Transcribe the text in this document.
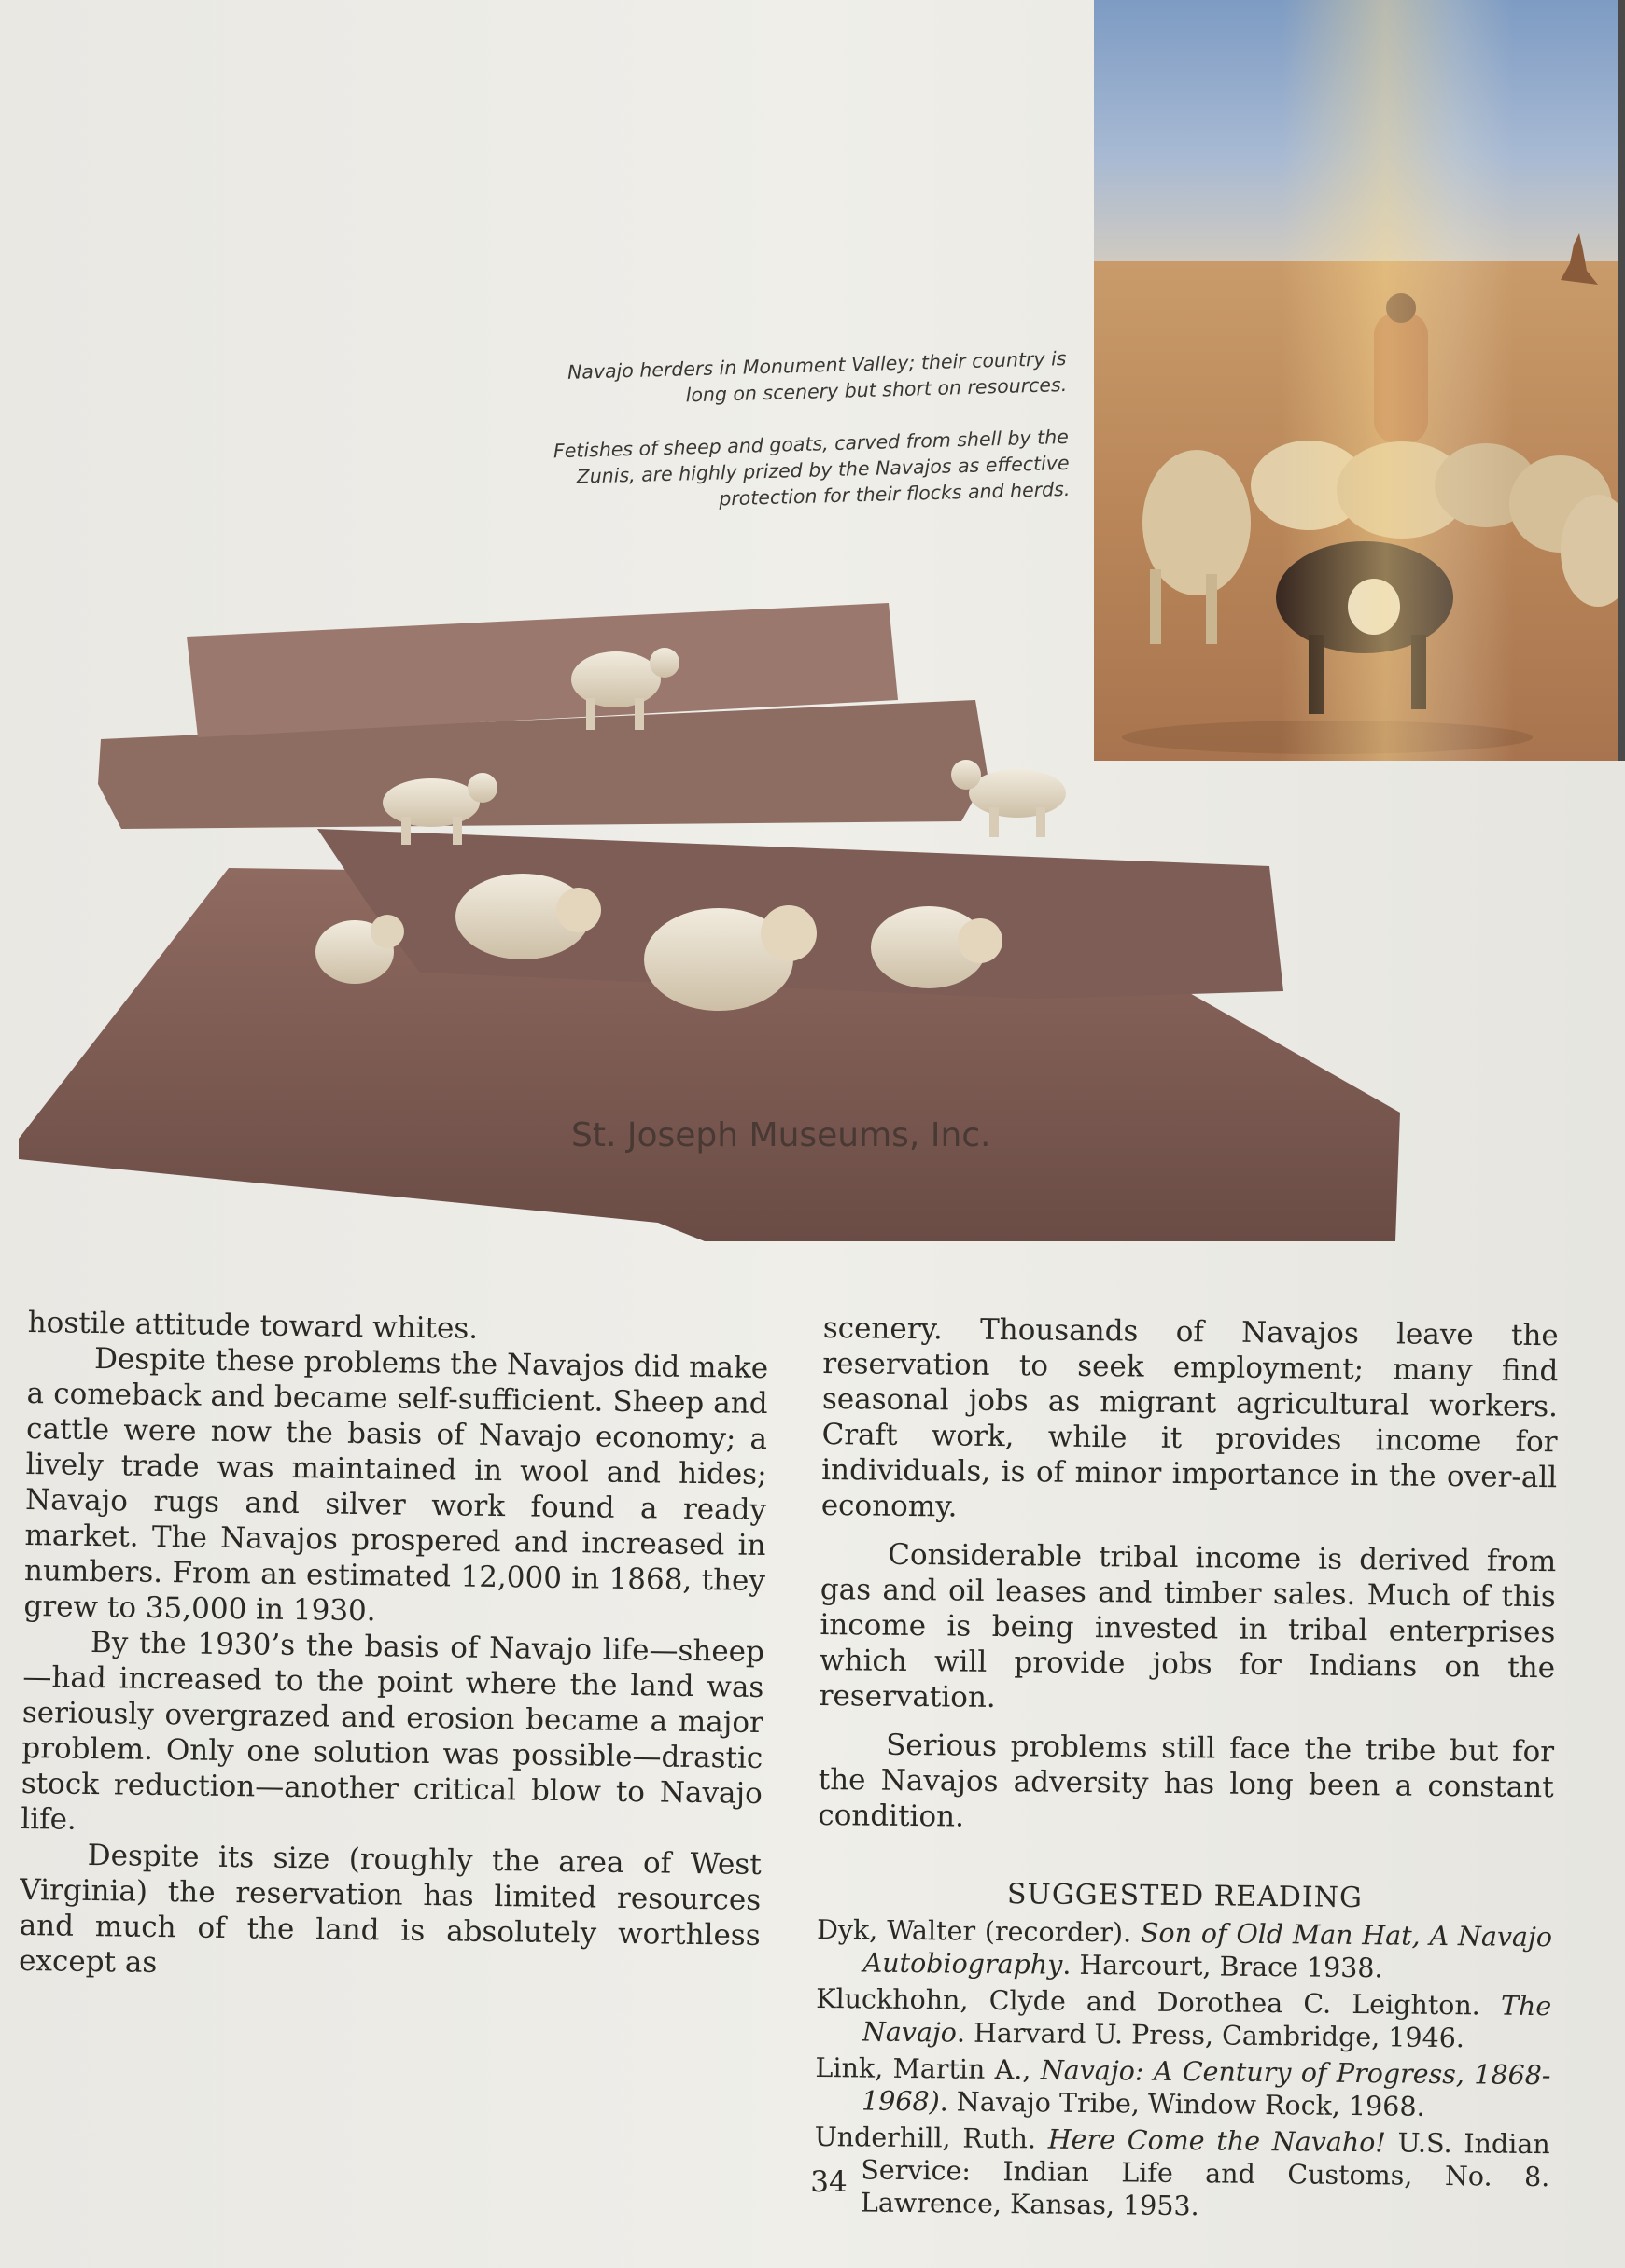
St. Joseph Museums, Inc.

Navajo herders in Monument Valley; their country is long on scenery but short on resources.

Fetishes of sheep and goats, carved from shell by the Zunis, are highly prized by the Navajos as effective protection for their flocks and herds.

hostile attitude toward whites.

Despite these problems the Navajos did make a comeback and became self-sufficient. Sheep and cattle were now the basis of Navajo economy; a lively trade was maintained in wool and hides; Navajo rugs and silver work found a ready market. The Navajos prospered and increased in numbers. From an estimated 12,000 in 1868, they grew to 35,000 in 1930.

By the 1930’s the basis of Navajo life—sheep—had increased to the point where the land was seriously overgrazed and erosion became a major problem. Only one solution was possible—drastic stock reduction—another critical blow to Navajo life.

Despite its size (roughly the area of West Virginia) the reservation has limited resources and much of the land is absolutely worthless except as

scenery. Thousands of Navajos leave the reservation to seek employment; many find seasonal jobs as migrant agricultural workers. Craft work, while it provides income for individuals, is of minor importance in the over-all economy.

Considerable tribal income is derived from gas and oil leases and timber sales. Much of this income is being invested in tribal enterprises which will provide jobs for Indians on the reservation.

Serious problems still face the tribe but for the Navajos adversity has long been a constant condition.

SUGGESTED READING
Dyk, Walter (recorder). Son of Old Man Hat, A Navajo Autobiography. Harcourt, Brace 1938.
Kluckhohn, Clyde and Dorothea C. Leighton. The Navajo. Harvard U. Press, Cambridge, 1946.
Link, Martin A., Navajo: A Century of Progress, 1868-1968). Navajo Tribe, Window Rock, 1968.
Underhill, Ruth. Here Come the Navaho! U.S. Indian Service: Indian Life and Customs, No. 8. Lawrence, Kansas, 1953.
34
